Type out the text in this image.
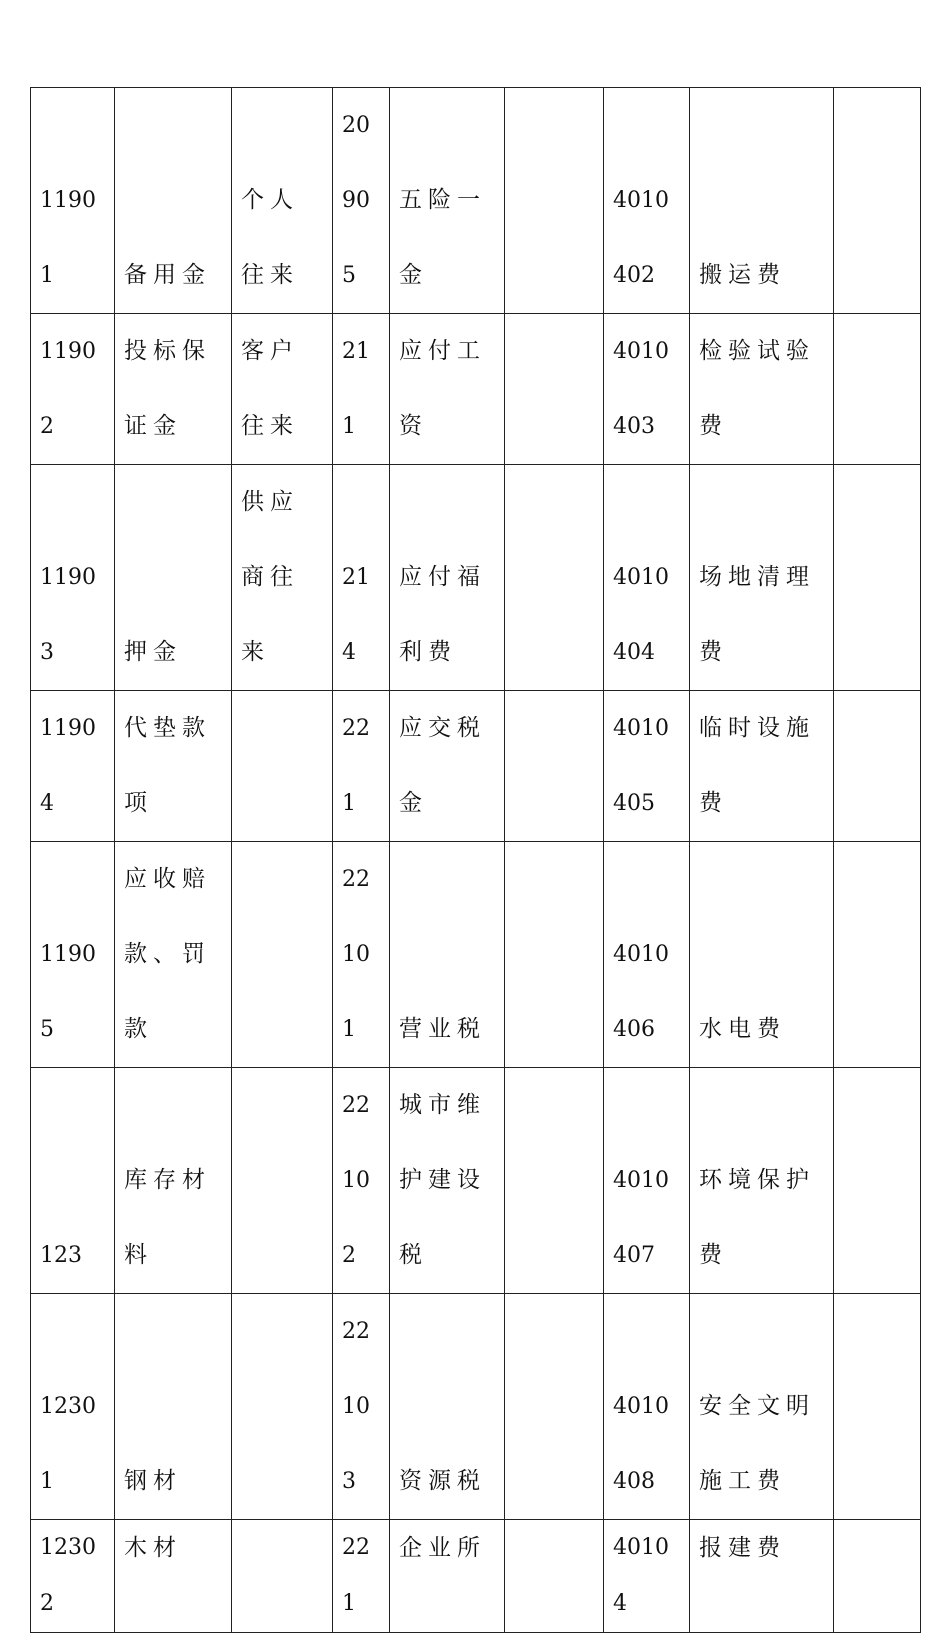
11901	备用金	个人往来	20905	五险一金		4010402	搬运费	
11902	投标保证金	客户往来	211	应付工资		4010403	检验试验费	
11903	押金	供应商往来	214	应付福利费		4010404	场地清理费	
11904	代垫款项		221	应交税金		4010405	临时设施费	
11905	应收赔款、罚款		22101	营业税		4010406	水电费	
123	库存材料		22102	城市维护建设税		4010407	环境保护费	
12301	钢材		22103	资源税		4010408	安全文明施工费	
12302	木材		221	企业所		40104	报建费	
